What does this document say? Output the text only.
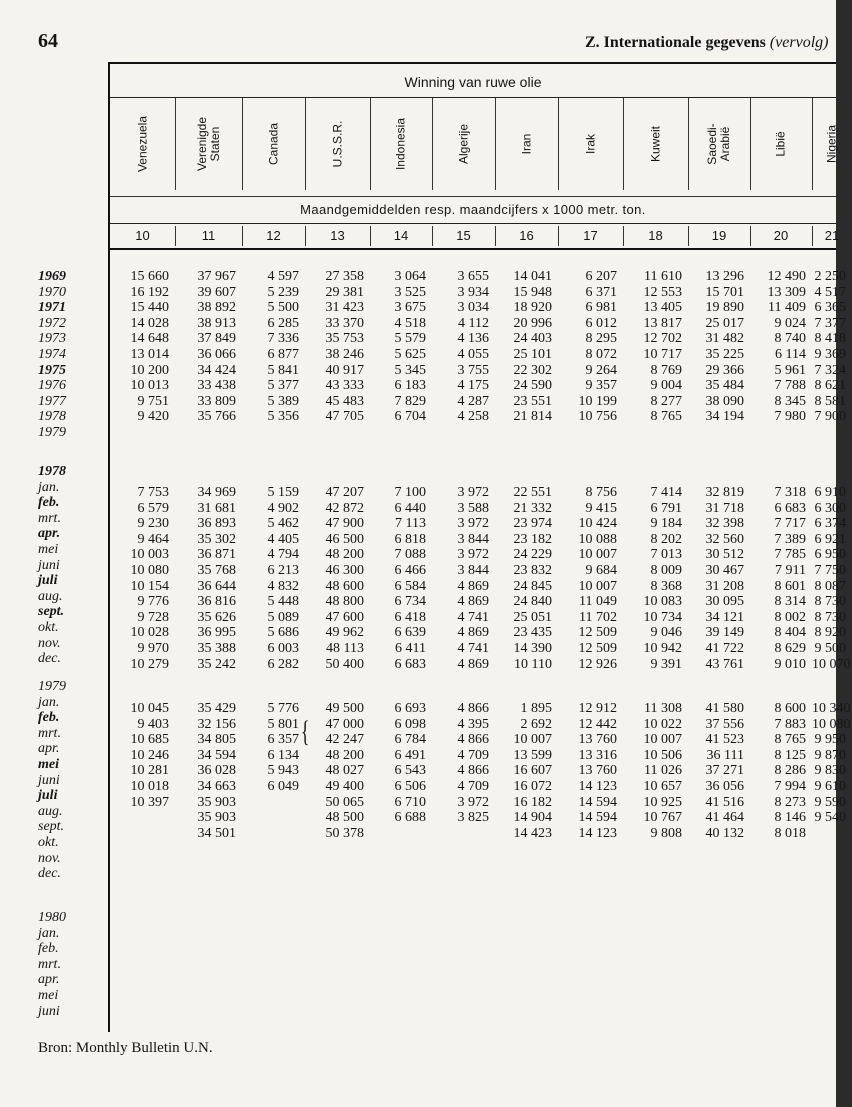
64	Z. Internationale gegevens (vervolg)
Winning van ruwe olie
Maandgemiddelden resp. maandcijfers x 1000 metr. ton.
Venezuela
10
Verenigde
Staten
11
Canada
12
U.S.S.R.
13
Indonesia
14
Algerije
15
Iran
16
Irak
17
Kuweit
18
Saoedi-
Arabië
19
Libië
20
Nigeria
21
1969
1970
1971
1972
1973
1974
1975
1976
1977
1978
1979
1978
jan.
feb.
mrt.
apr.
mei
juni
juli
aug.
sept.
okt.
nov.
dec.
1979
jan.
feb.
mrt.
apr.
mei
juni
juli
aug.
sept.
okt.
nov.
dec.
1980
jan.
feb.
mrt.
apr.
mei
juni
15 660
16 192
15 440
14 028
14 648
13 014
10 200
10 013
9 751
9 420
37 967
39 607
38 892
38 913
37 849
36 066
34 424
33 438
33 809
35 766
4 597
5 239
5 500
6 285
7 336
6 877
5 841
5 377
5 389
5 356
27 358
29 381
31 423
33 370
35 753
38 246
40 917
43 333
45 483
47 705
3 064
3 525
3 675
4 518
5 579
5 625
5 345
6 183
7 829
6 704
3 655
3 934
3 034
4 112
4 136
4 055
3 755
4 175
4 287
4 258
14 041
15 948
18 920
20 996
24 403
25 101
22 302
24 590
23 551
21 814
6 207
6 371
6 981
6 012
8 295
8 072
9 264
9 357
10 199
10 756
11 610
12 553
13 405
13 817
12 702
10 717
8 769
9 004
8 277
8 765
13 296
15 701
19 890
25 017
31 482
35 225
29 366
35 484
38 090
34 194
12 490
13 309
11 409
9 024
8 740
6 114
5 961
7 788
8 345
7 980
2 250
4 517
6 365
7 377
8 418
9 369
7 324
8 621
8 581
7 900
7 753
6 579
9 230
9 464
10 003
10 080
10 154
9 776
9 728
10 028
9 970
10 279
34 969
31 681
36 893
35 302
36 871
35 768
36 644
36 816
35 626
36 995
35 388
35 242
5 159
4 902
5 462
4 405
4 794
6 213
4 832
5 448
5 089
5 686
6 003
6 282
47 207
42 872
47 900
46 500
48 200
46 300
48 600
48 800
47 600
49 962
48 113
50 400
7 100
6 440
7 113
6 818
7 088
6 466
6 584
6 734
6 418
6 639
6 411
6 683
3 972
3 588
3 972
3 844
3 972
3 844
4 869
4 869
4 741
4 869
4 741
4 869
22 551
21 332
23 974
23 182
24 229
23 832
24 845
24 840
25 051
23 435
14 390
10 110
8 756
9 415
10 424
10 088
10 007
9 684
10 007
11 049
11 702
12 509
12 509
12 926
7 414
6 791
9 184
8 202
7 013
8 009
8 368
10 083
10 734
9 046
10 942
9 391
32 819
31 718
32 398
32 560
30 512
30 467
31 208
30 095
34 121
39 149
41 722
43 761
7 318
6 683
7 717
7 389
7 785
7 911
8 601
8 314
8 002
8 404
8 629
9 010
6 910
6 300
6 374
6 921
6 950
7 750
8 087
8 730
8 730
8 920
9 500
10 070
10 045
9 403
10 685
10 246
10 281
10 018
10 397
35 429
32 156
34 805
34 594
36 028
34 663
35 903
35 903
34 501
5 776
5 801
6 357
6 134
5 943
6 049
49 500
47 000
42 247
48 200
48 027
49 400
50 065
48 500
50 378
6 693
6 098
6 784
6 491
6 543
6 506
6 710
6 688
4 866
4 395
4 866
4 709
4 866
4 709
3 972
3 825
1 895
2 692
10 007
13 599
16 607
16 072
16 182
14 904
14 423
12 912
12 442
13 760
13 316
13 760
14 123
14 594
14 594
14 123
11 308
10 022
10 007
10 506
11 026
10 657
10 925
10 767
9 808
41 580
37 556
41 523
36 111
37 271
36 056
41 516
41 464
40 132
8 600
7 883
8 765
8 125
8 286
7 994
8 273
8 146
8 018
10 340
10 080
9 950
9 870
9 830
9 610
9 590
9 540
{
Bron: Monthly Bulletin U.N.
